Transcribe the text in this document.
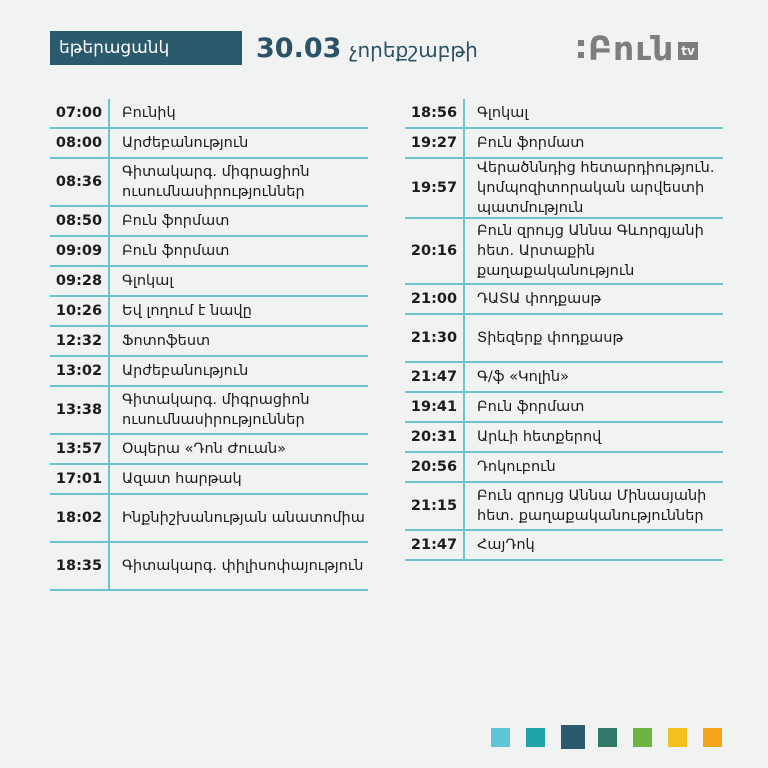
եթերացանկ	30.03 չորեքշաբթի	Բուն tv
07:00	Բունիկ
08:00	Արժեբանություն
08:36
Գիտակարգ. միգրացիոն ուսումնասիրություններ
08:50	Բուն ֆորմատ
09:09	Բուն ֆորմատ
09:28	Գլոկալ
10:26	Եվ լողում է նավը
12:32	Ֆոտոֆեստ
13:02	Արժեբանություն
13:38
Գիտակարգ. միգրացիոն ուսումնասիրություններ
13:57	Օպերա «Դոն Ժուան»
17:01	Ազատ հարթակ
18:02	Ինքնիշխանության անատոմիա
18:35	Գիտակարգ. փիլիսոփայություն
18:56	Գլոկալ
19:27	Բուն ֆորմատ
19:57
Վերածննդից հետարդիություն. կոմպոզիտորական արվեստի պատմություն
20:16
Բուն զրույց Աննա Գևորգյանի հետ. Արտաքին քաղաքականություն
21:00	ԴԱՏԱ փոդքասթ
21:30	Տիեզերք փոդքասթ
21:47	Գ/ֆ «Կոլին»
19:41	Բուն ֆորմատ
20:31	Արևի հետքերով
20:56	Դոկուբուն
21:15
Բուն զրույց Աննա Մինասյանի հետ. քաղաքականություններ
21:47	ՀայԴոկ
